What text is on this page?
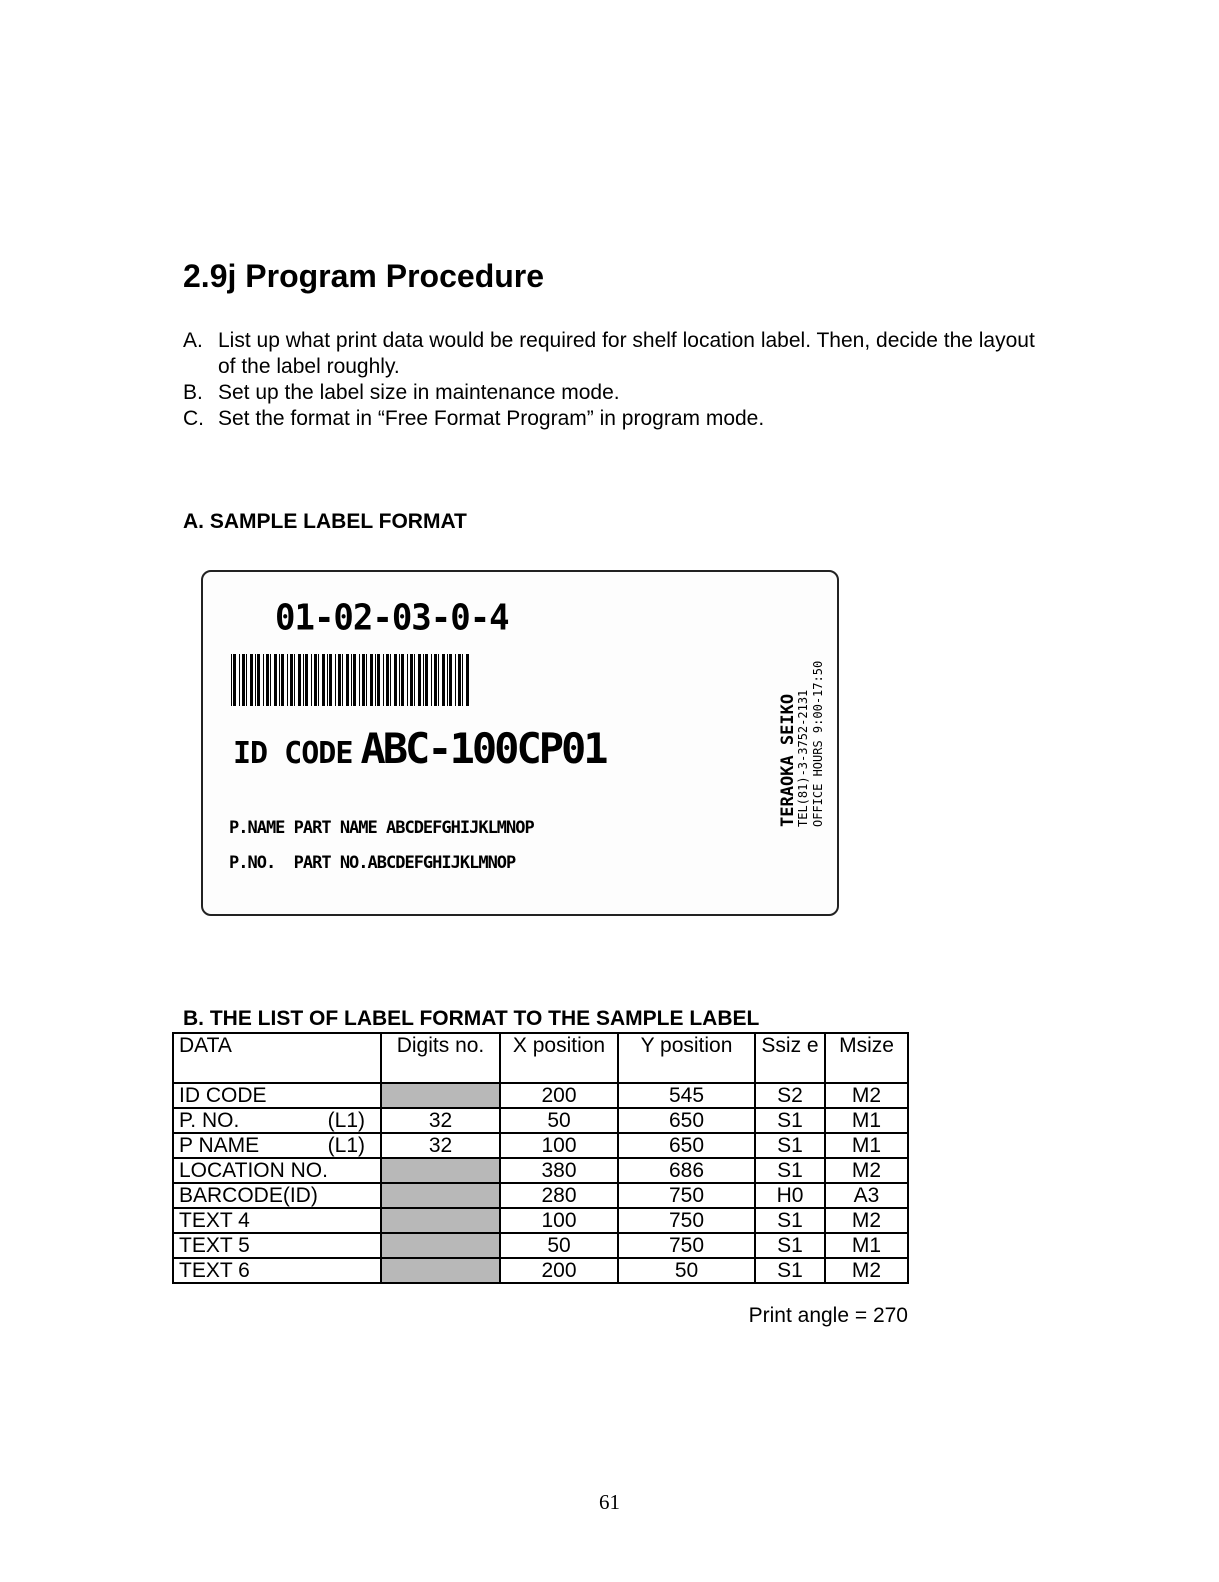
2.9j Program Procedure
A. List up what print data would be required for shelf location label. Then, decide the layout of the label roughly.
B. Set up the label size in maintenance mode.
C. Set the format in “Free Format Program” in program mode.
A. SAMPLE LABEL FORMAT
01-02-03-0-4
ID CODE ABC-100CP01
P.NAME PART NAME ABCDEFGHIJKLMNOP
P.NO.  PART NO.ABCDEFGHIJKLMNOP
TERAOKA SEIKO
TEL(81)-3-3752-2131 OFFICE HOURS 9:00-17:50
B. THE LIST OF LABEL FORMAT TO THE SAMPLE LABEL
DATA	Digits no.	X position	Y position	Ssiz e	Msize

ID CODE		200	545	S2	M2

P. NO. (L1)	32	50	650	S1	M1

P NAME (L1)	32	100	650	S1	M1

LOCATION NO.		380	686	S1	M2

BARCODE(ID)		280	750	H0	A3

TEXT 4		100	750	S1	M2

TEXT 5		50	750	S1	M1

TEXT 6		200	50	S1	M2
Print angle = 270
61
